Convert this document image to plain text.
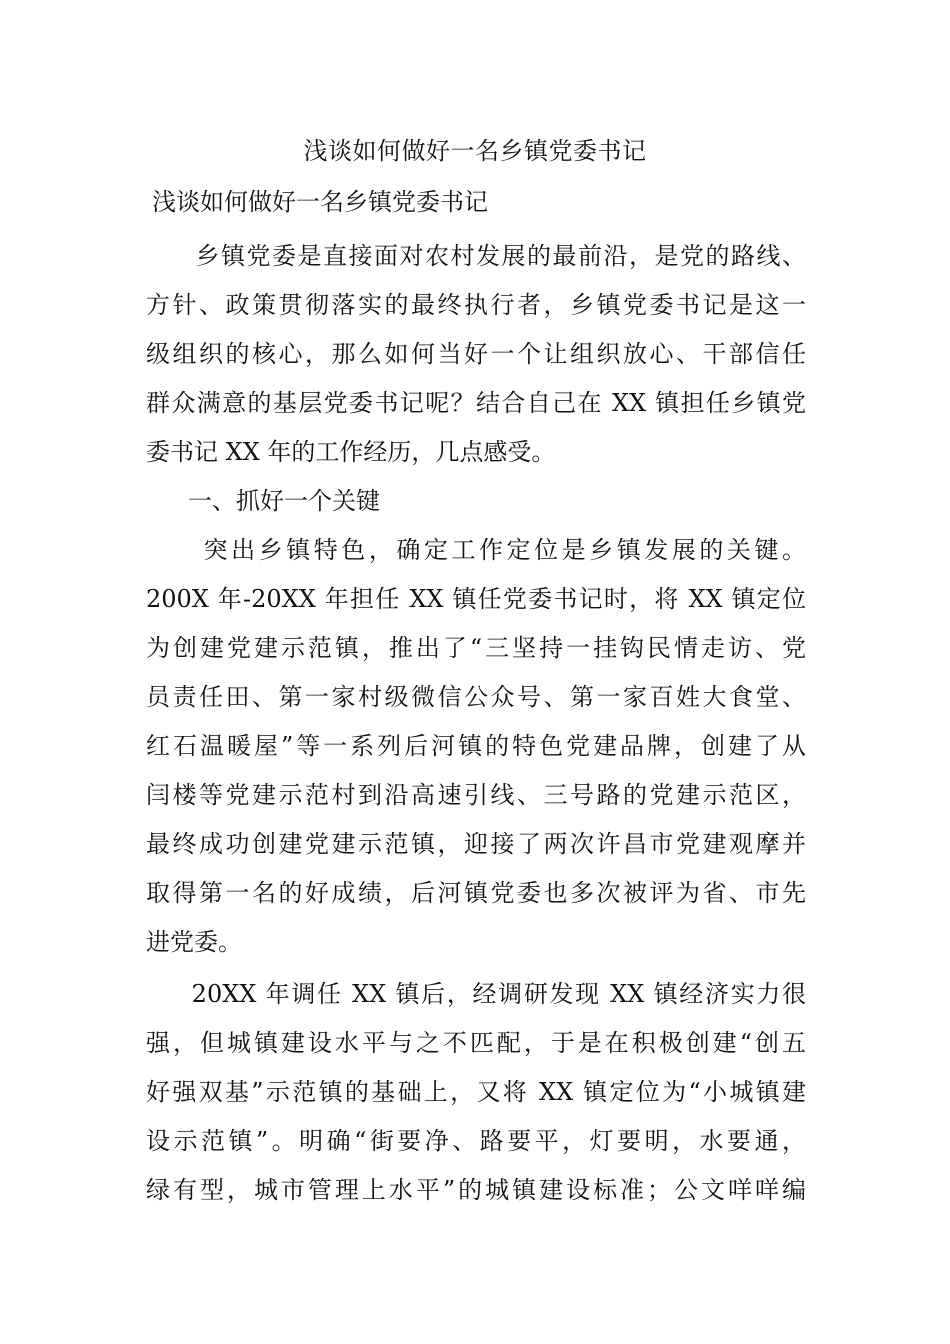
浅谈如何做好一名乡镇党委书记
浅谈如何做好一名乡镇党委书记
　乡镇党委是直接面对农村发展的最前沿，是党的路线、
方针、政策贯彻落实的最终执行者，乡镇党委书记是这一
级组织的核心，那么如何当好一个让组织放心、干部信任
群众满意的基层党委书记呢？结合自己在 XX 镇担任乡镇党
委书记 XX 年的工作经历，几点感受。
一、抓好一个关键
　突出乡镇特色，确定工作定位是乡镇发展的关键。
200X 年-20XX 年担任 XX 镇任党委书记时，将 XX 镇定位
为创建党建示范镇，推出了“三坚持一挂钩民情走访、党
员责任田、第一家村级微信公众号、第一家百姓大食堂、
红石温暖屋”等一系列后河镇的特色党建品牌，创建了从
闫楼等党建示范村到沿高速引线、三号路的党建示范区，
最终成功创建党建示范镇，迎接了两次许昌市党建观摩并
取得第一名的好成绩，后河镇党委也多次被评为省、市先
进党委。
　20XX 年调任 XX 镇后，经调研发现 XX 镇经济实力很
强，但城镇建设水平与之不匹配，于是在积极创建“创五
好强双基”示范镇的基础上，又将 XX 镇定位为“小城镇建
设示范镇”。明确“街要净、路要平，灯要明，水要通，
绿有型，城市管理上水平”的城镇建设标准；公文咩咩编
